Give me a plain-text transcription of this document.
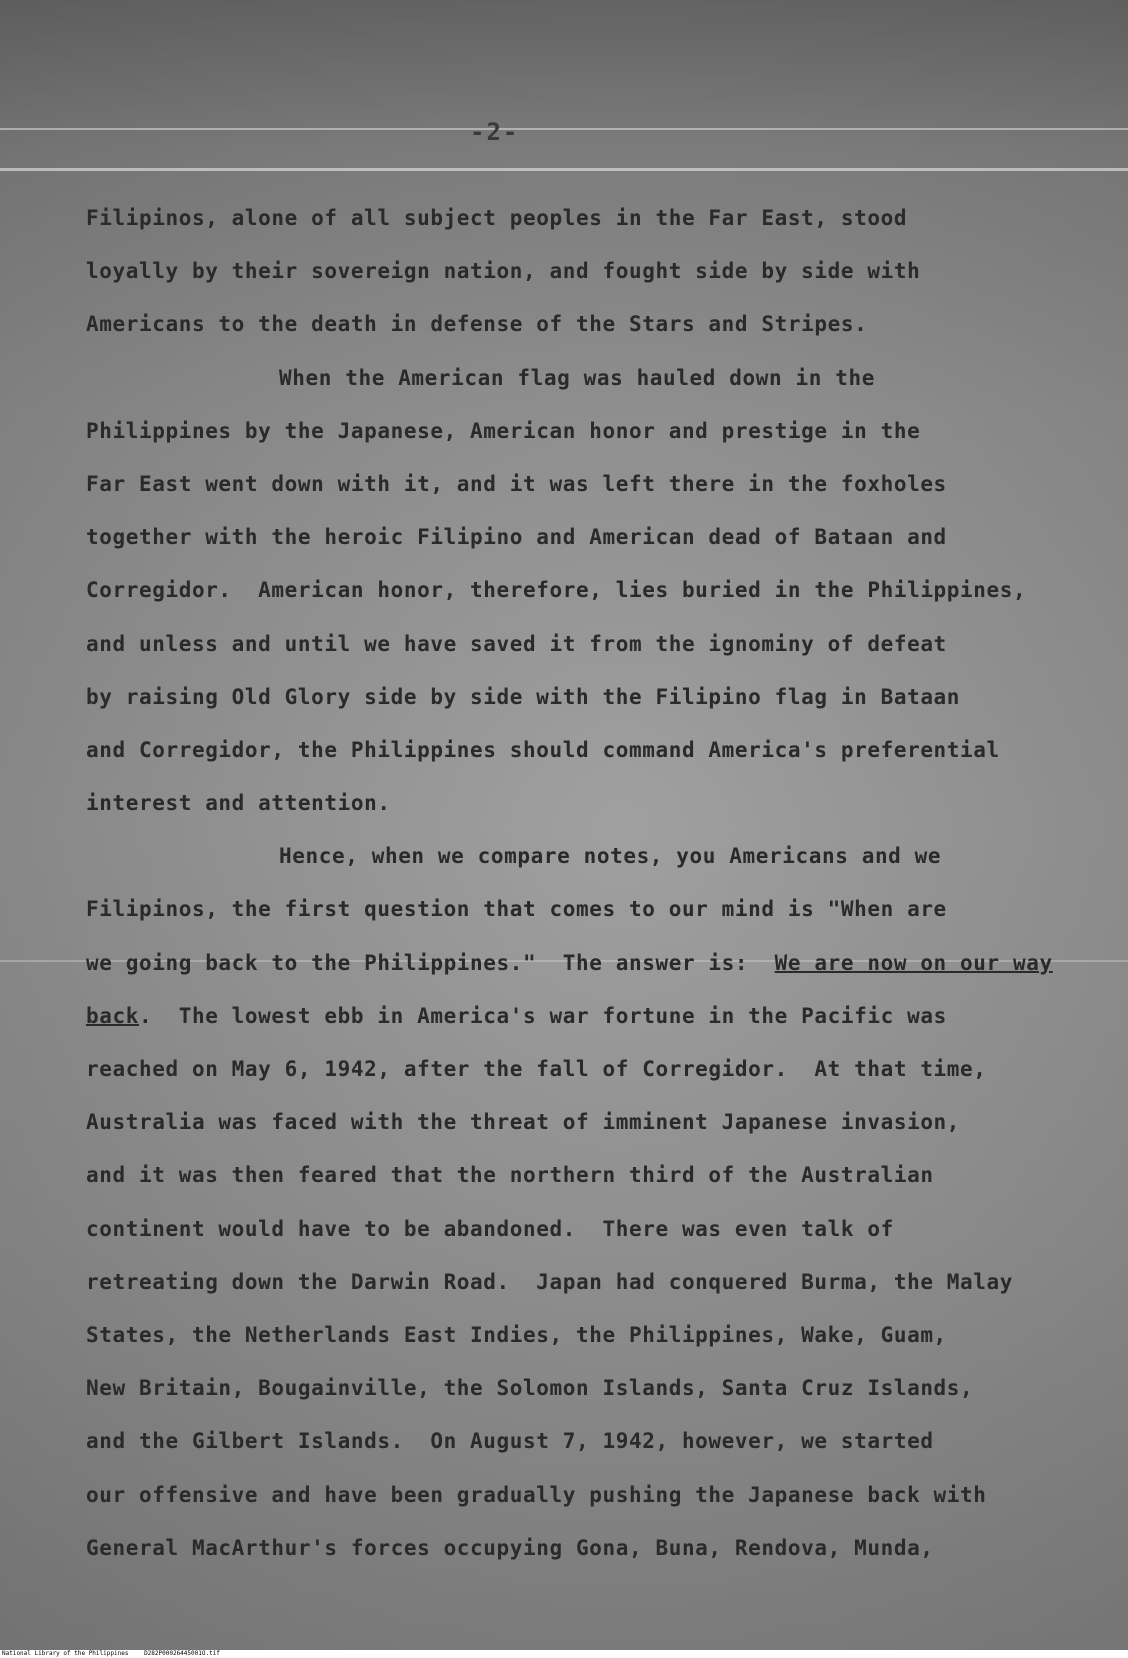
-2-
Filipinos, alone of all subject peoples in the Far East, stood
loyally by their sovereign nation, and fought side by side with
Americans to the death in defense of the Stars and Stripes.
When the American flag was hauled down in the
Philippines by the Japanese, American honor and prestige in the
Far East went down with it, and it was left there in the foxholes
together with the heroic Filipino and American dead of Bataan and
Corregidor.  American honor, therefore, lies buried in the Philippines,
and unless and until we have saved it from the ignominy of defeat
by raising Old Glory side by side with the Filipino flag in Bataan
and Corregidor, the Philippines should command America's preferential
interest and attention.
Hence, when we compare notes, you Americans and we
Filipinos, the first question that comes to our mind is "When are
we going back to the Philippines."  The answer is:  We are now on our way
back.  The lowest ebb in America's war fortune in the Pacific was
reached on May 6, 1942, after the fall of Corregidor.  At that time,
Australia was faced with the threat of imminent Japanese invasion,
and it was then feared that the northern third of the Australian
continent would have to be abandoned.  There was even talk of
retreating down the Darwin Road.  Japan had conquered Burma, the Malay
States, the Netherlands East Indies, the Philippines, Wake, Guam,
New Britain, Bougainville, the Solomon Islands, Santa Cruz Islands,
and the Gilbert Islands.  On August 7, 1942, however, we started
our offensive and have been gradually pushing the Japanese back with
General MacArthur's forces occupying Gona, Buna, Rendova, Munda,
National Library of the Philippines	D282P00026445001O.tif
